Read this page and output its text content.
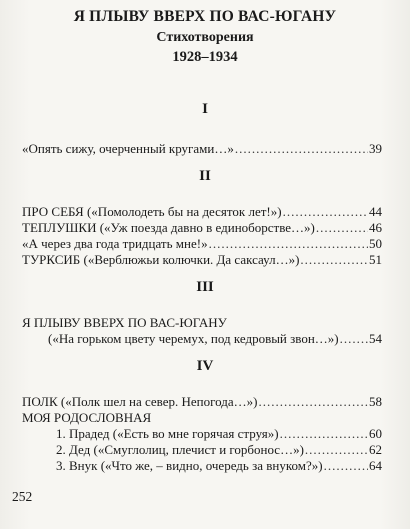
Я ПЛЫВУ ВВЕРХ ПО ВАС-ЮГАНУ
Стихотворения
1928–1934
I
«Опять сижу, очерченный кругами…» .....	39
II
ПРО СЕБЯ («Помолодеть бы на десяток лет!») .....	44
ТЕПЛУШКИ («Уж поезда давно в единоборстве…») .....	46
«А через два года тридцать мне!» .....	50
ТУРКСИБ («Верблюжьи колючки. Да саксаул…») .....	51
III
Я ПЛЫВУ ВВЕРХ ПО ВАС-ЮГАНУ
(«На горьком цвету черемух, под кедровый звон…») ..... 54
IV
ПОЛК («Полк шел на север. Непогода…») .....	58
МОЯ РОДОСЛОВНАЯ
1. Прадед («Есть во мне горячая струя») .....	60
2. Дед («Смуглолиц, плечист и горбонос…») .....	62
3. Внук («Что же, – видно, очередь за внуком?») .....	64
252
